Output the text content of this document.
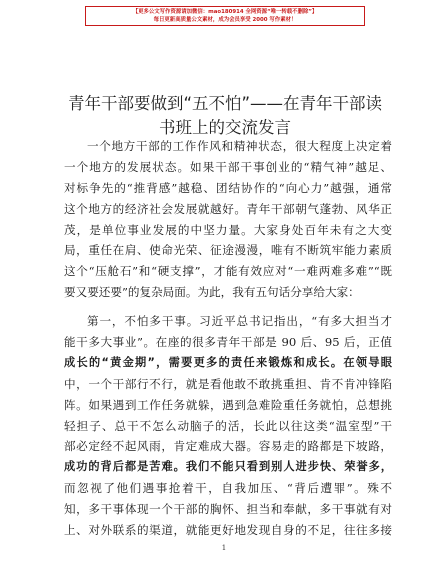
【更多公文写作资源请加微信：mao180914 全网资源“唯一转载不删除”】
每日更新高质量公文素材，成为会员享受 2000 写作素材！
青年干部要做到“五不怕”——在青年干部读
书班上的交流发言

一个地方干部的工作作风和精神状态，很大程度上决定着
一个地方的发展状态。如果干部干事创业的“精气神”越足、
对标争先的“推背感”越稳、团结协作的“向心力”越强，通常
这个地方的经济社会发展就越好。青年干部朝气蓬勃、风华正
茂，是单位事业发展的中坚力量。大家身处百年未有之大变
局，重任在肩、使命光荣、征途漫漫，唯有不断筑牢能力素质
这个“压舱石”和“硬支撑”，才能有效应对“一难两难多难”“既
要又要还要”的复杂局面。为此，我有五句话分享给大家：

第一，不怕多干事。习近平总书记指出，“有多大担当才
能干多大事业”。在座的很多青年干部是 90 后、95 后，正值
成长的“黄金期”，需要更多的责任来锻炼和成长。在领导眼
中，一个干部行不行，就是看他敢不敢挑重担、肯不肯冲锋陷
阵。如果遇到工作任务就躲，遇到急难险重任务就怕，总想挑
轻担子、总干不怎么动脑子的活，长此以往这类“温室型”干
部必定经不起风雨，肯定难成大器。容易走的路都是下坡路，
成功的背后都是苦难。我们不能只看到别人进步快、荣誉多，
而忽视了他们遇事抢着干，自我加压、“背后遭罪”。殊不
知，多干事体现一个干部的胸怀、担当和奉献，多干事就有对
上、对外联系的渠道，就能更好地发现自身的不足，往往多接

1
